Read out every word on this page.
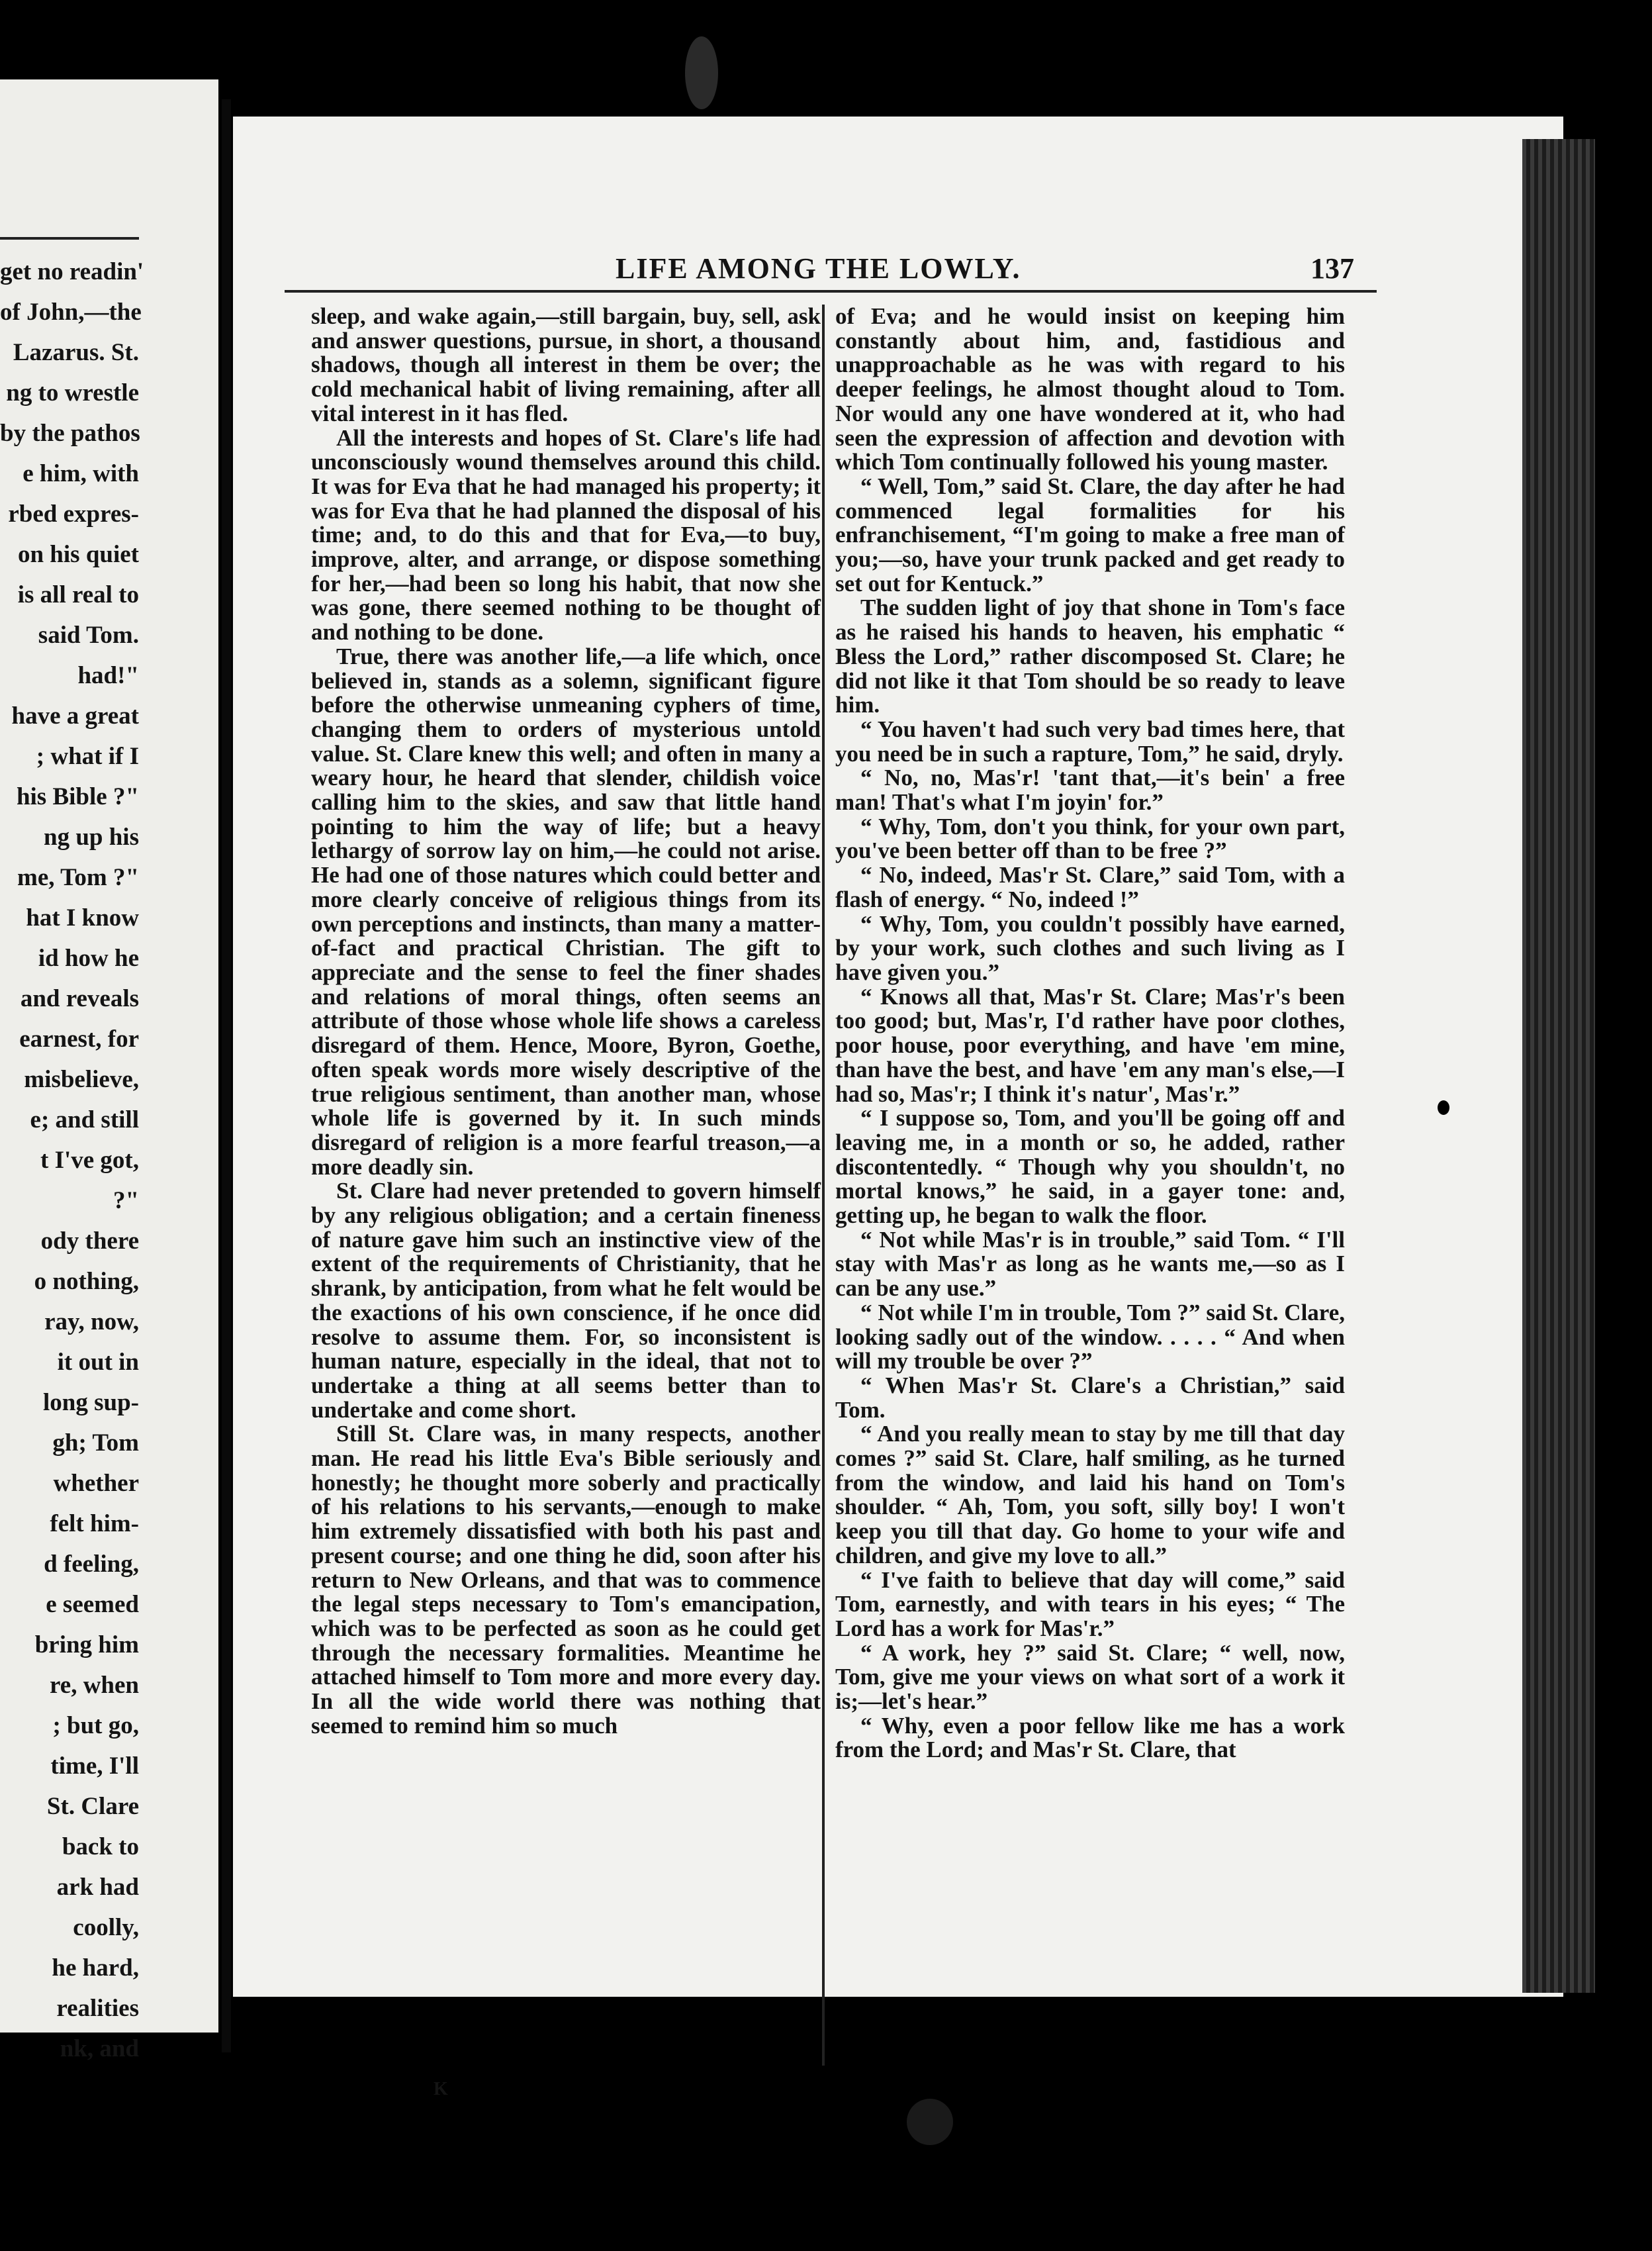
get no readin'
of John,—the
Lazarus. St.
ng to wrestle
by the pathos
e him, with
rbed expres-
on his quiet
is all real to
said Tom.
had!"
have a great
; what if I
his Bible ?"
ng up his
me, Tom ?"
hat I know
id how he
and reveals
earnest, for
misbelieve,
e; and still
t I've got,
?"
ody there
o nothing,
ray, now,
it out in
long sup-
gh; Tom
whether
felt him-
d feeling,
e seemed
bring him
re, when
; but go,
time, I'll
St. Clare
back to
ark had
coolly,
he hard,
realities
nk, and
LIFE AMONG THE LOWLY.	137

sleep, and wake again,—still bargain, buy, sell, ask and answer questions, pursue, in short, a thousand shadows, though all interest in them be over; the cold mechanical habit of living remaining, after all vital interest in it has fled.

All the interests and hopes of St. Clare's life had unconsciously wound themselves around this child. It was for Eva that he had managed his property; it was for Eva that he had planned the disposal of his time; and, to do this and that for Eva,—to buy, improve, alter, and arrange, or dispose something for her,—had been so long his habit, that now she was gone, there seemed nothing to be thought of and nothing to be done.

True, there was another life,—a life which, once believed in, stands as a solemn, significant figure before the otherwise unmeaning cyphers of time, changing them to orders of mysterious untold value. St. Clare knew this well; and often in many a weary hour, he heard that slender, childish voice calling him to the skies, and saw that little hand pointing to him the way of life; but a heavy lethargy of sorrow lay on him,—he could not arise. He had one of those natures which could better and more clearly conceive of religious things from its own perceptions and instincts, than many a matter-of-fact and practical Christian. The gift to appreciate and the sense to feel the finer shades and relations of moral things, often seems an attribute of those whose whole life shows a careless disregard of them. Hence, Moore, Byron, Goethe, often speak words more wisely descriptive of the true religious sentiment, than another man, whose whole life is governed by it. In such minds disregard of religion is a more fearful treason,—a more deadly sin.

St. Clare had never pretended to govern himself by any religious obligation; and a certain fineness of nature gave him such an instinctive view of the extent of the requirements of Christianity, that he shrank, by anticipation, from what he felt would be the exactions of his own conscience, if he once did resolve to assume them. For, so inconsistent is human nature, especially in the ideal, that not to undertake a thing at all seems better than to undertake and come short.

Still St. Clare was, in many respects, another man. He read his little Eva's Bible seriously and honestly; he thought more soberly and practically of his relations to his servants,—enough to make him extremely dissatisfied with both his past and present course; and one thing he did, soon after his return to New Orleans, and that was to commence the legal steps necessary to Tom's emancipation, which was to be perfected as soon as he could get through the necessary formalities. Meantime he attached himself to Tom more and more every day. In all the wide world there was nothing that seemed to remind him so much

of Eva; and he would insist on keeping him constantly about him, and, fastidious and unapproachable as he was with regard to his deeper feelings, he almost thought aloud to Tom. Nor would any one have wondered at it, who had seen the expression of affection and devotion with which Tom continually followed his young master.

“ Well, Tom,” said St. Clare, the day after he had commenced legal formalities for his enfranchisement, “I'm going to make a free man of you;—so, have your trunk packed and get ready to set out for Kentuck.”

The sudden light of joy that shone in Tom's face as he raised his hands to heaven, his emphatic “ Bless the Lord,” rather discomposed St. Clare; he did not like it that Tom should be so ready to leave him.

“ You haven't had such very bad times here, that you need be in such a rapture, Tom,” he said, dryly.

“ No, no, Mas'r! 'tant that,—it's bein' a free man! That's what I'm joyin' for.”

“ Why, Tom, don't you think, for your own part, you've been better off than to be free ?”

“ No, indeed, Mas'r St. Clare,” said Tom, with a flash of energy. “ No, indeed !”

“ Why, Tom, you couldn't possibly have earned, by your work, such clothes and such living as I have given you.”

“ Knows all that, Mas'r St. Clare; Mas'r's been too good; but, Mas'r, I'd rather have poor clothes, poor house, poor everything, and have 'em mine, than have the best, and have 'em any man's else,—I had so, Mas'r; I think it's natur', Mas'r.”

“ I suppose so, Tom, and you'll be going off and leaving me, in a month or so, he added, rather discontentedly. “ Though why you shouldn't, no mortal knows,” he said, in a gayer tone: and, getting up, he began to walk the floor.

“ Not while Mas'r is in trouble,” said Tom. “ I'll stay with Mas'r as long as he wants me,—so as I can be any use.”

“ Not while I'm in trouble, Tom ?” said St. Clare, looking sadly out of the window. . . . . “ And when will my trouble be over ?”

“ When Mas'r St. Clare's a Christian,” said Tom.

“ And you really mean to stay by me till that day comes ?” said St. Clare, half smiling, as he turned from the window, and laid his hand on Tom's shoulder. “ Ah, Tom, you soft, silly boy! I won't keep you till that day. Go home to your wife and children, and give my love to all.”

“ I've faith to believe that day will come,” said Tom, earnestly, and with tears in his eyes; “ The Lord has a work for Mas'r.”

“ A work, hey ?” said St. Clare; “ well, now, Tom, give me your views on what sort of a work it is;—let's hear.”

“ Why, even a poor fellow like me has a work from the Lord; and Mas'r St. Clare, that

K
